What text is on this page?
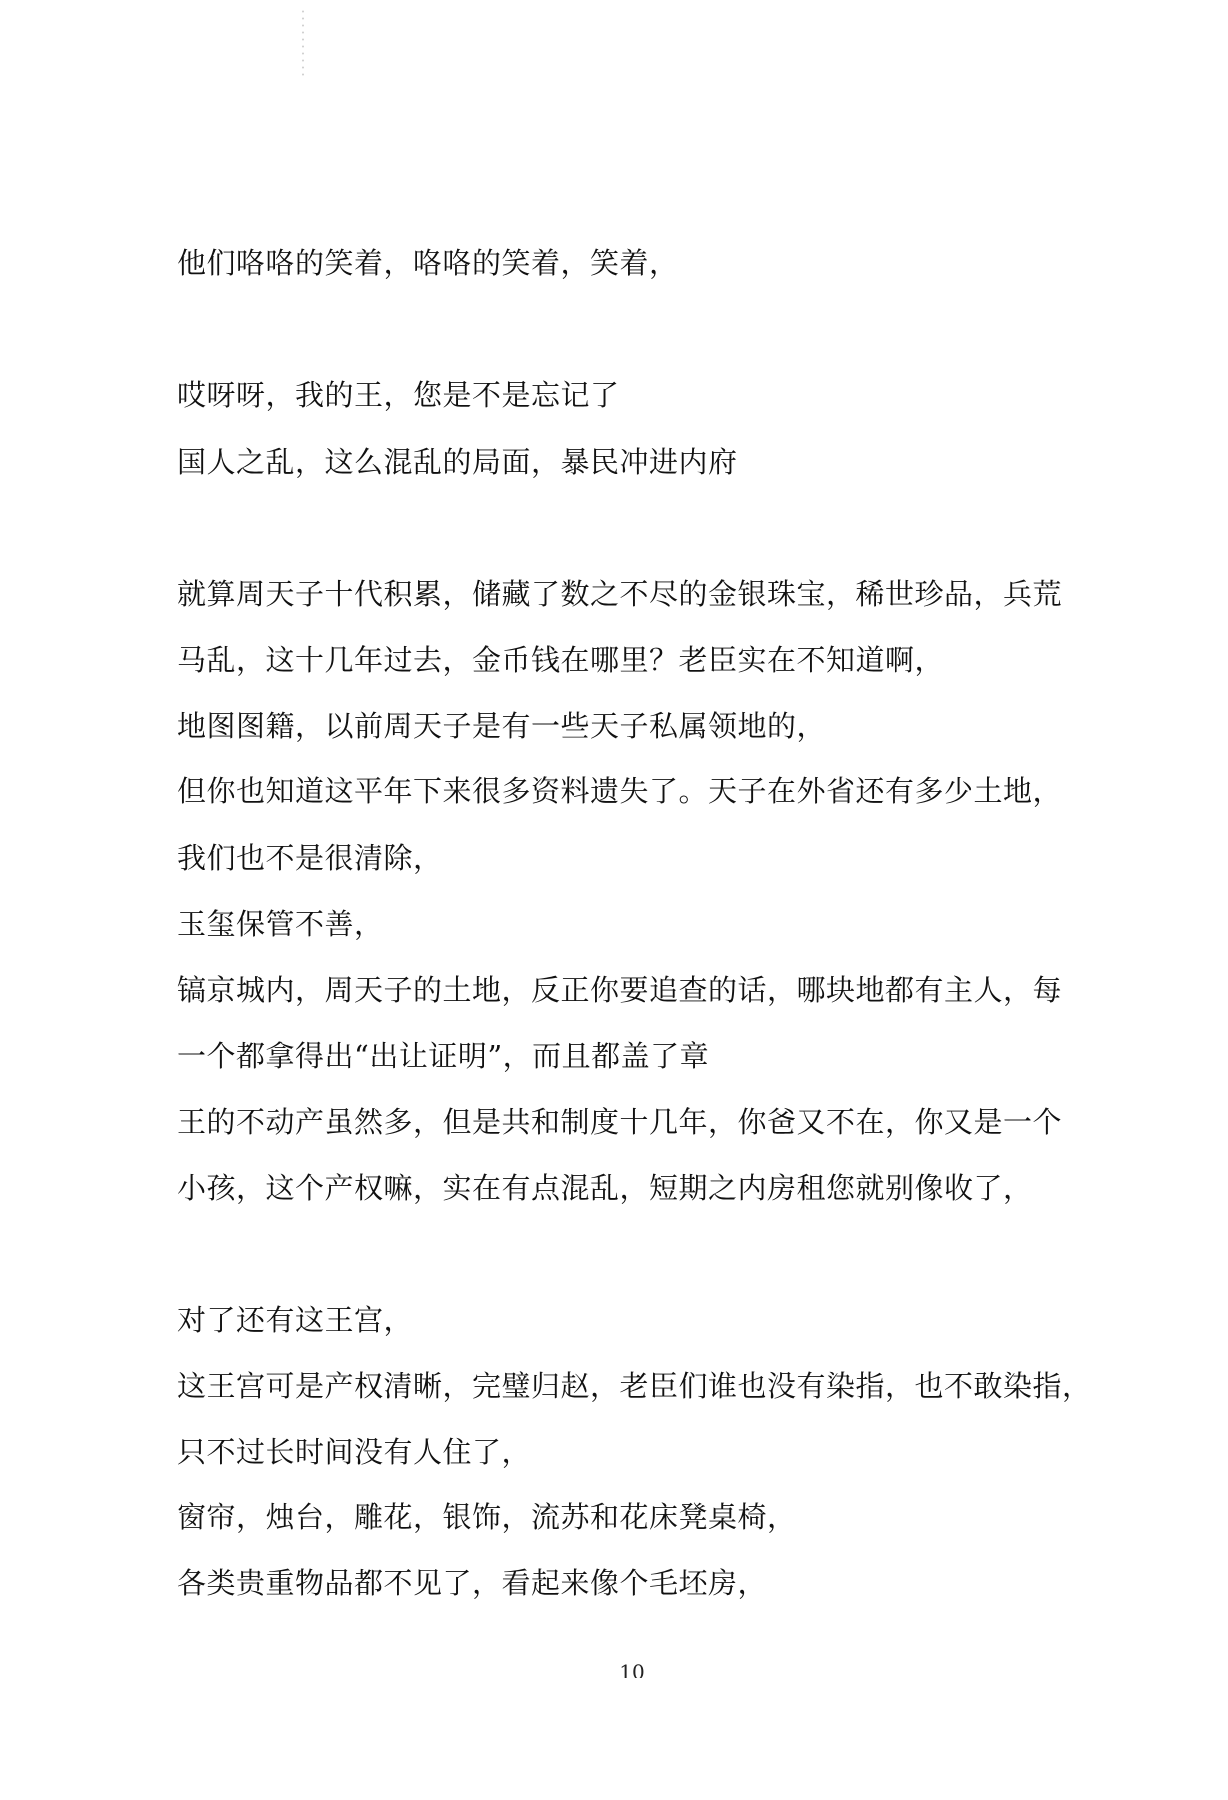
他们咯咯的笑着，咯咯的笑着，笑着，

哎呀呀，我的王，您是不是忘记了

国人之乱，这么混乱的局面，暴民冲进内府

就算周天子十代积累，储藏了数之不尽的金银珠宝，稀世珍品，兵荒

马乱，这十几年过去，金币钱在哪里？老臣实在不知道啊，

地图图籍，以前周天子是有一些天子私属领地的，

但你也知道这平年下来很多资料遗失了。天子在外省还有多少土地，

我们也不是很清除，

玉玺保管不善，

镐京城内，周天子的土地，反正你要追查的话，哪块地都有主人，每

一个都拿得出“出让证明”，而且都盖了章

王的不动产虽然多，但是共和制度十几年，你爸又不在，你又是一个

小孩，这个产权嘛，实在有点混乱，短期之内房租您就别像收了，

对了还有这王宫，

这王宫可是产权清晰，完璧归赵，老臣们谁也没有染指，也不敢染指，

只不过长时间没有人住了，

窗帘，烛台，雕花，银饰，流苏和花床凳桌椅，

各类贵重物品都不见了，看起来像个毛坯房，

10
